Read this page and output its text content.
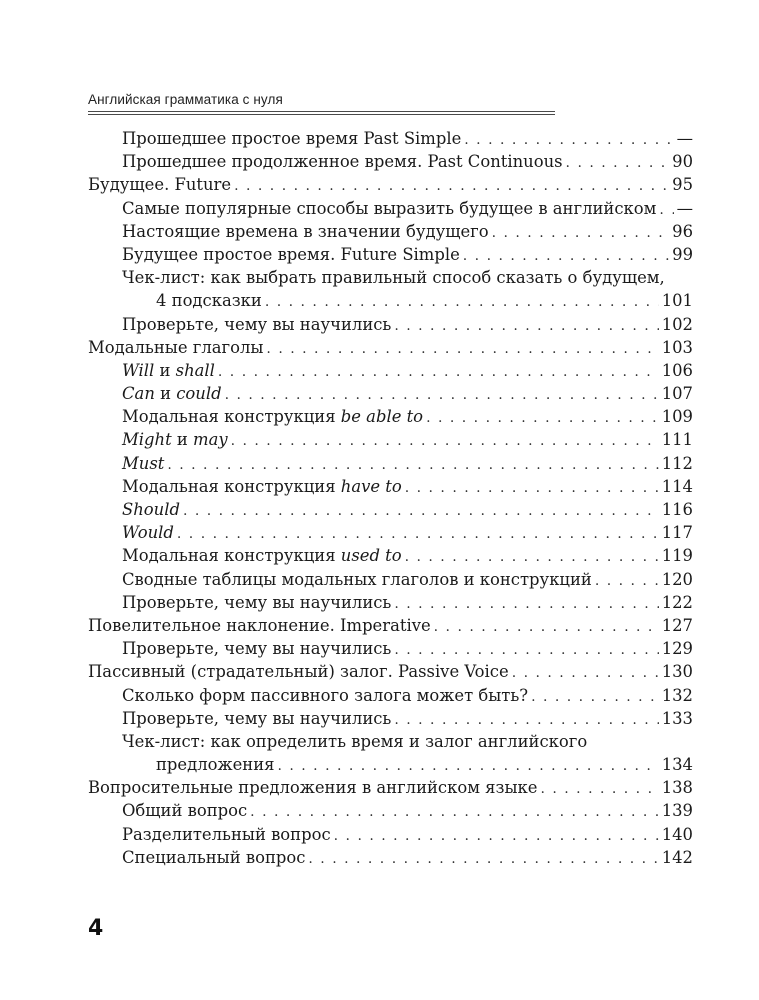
Английская грамматика с нуля
Прошедшее простое время Past Simple . . .	—
Прошедшее продолженное время. Past Continuous . . .	90
Будущее. Future . . .	95
Самые популярные способы выразить будущее в английском . . . —
Настоящие времена в значении будущего . . .	96
Будущее простое время. Future Simple . . .	99
Чек-лист: как выбрать правильный способ сказать о будущем,
4 подсказки . . .	101
Проверьте, чему вы научились . . .	102
Модальные глаголы . . .	103
Will и shall . . .	106
Can и could . . .	107
Модальная конструкция be able to . . .	109
Might и may . . .	111
Must . . .	112
Модальная конструкция have to . . .	114
Should . . .	116
Would . . .	117
Модальная конструкция used to . . .	119
Сводные таблицы модальных глаголов и конструкций . . .	120
Проверьте, чему вы научились . . .	122
Повелительное наклонение. Imperative . . .	127
Проверьте, чему вы научились . . .	129
Пассивный (страдательный) залог. Passive Voice . . .	130
Сколько форм пассивного залога может быть? . . .	132
Проверьте, чему вы научились . . .	133
Чек-лист: как определить время и залог английского
предложения . . .	134
Вопросительные предложения в английском языке . . .	138
Общий вопрос . . .	139
Разделительный вопрос . . .	140
Специальный вопрос . . .	142
4
